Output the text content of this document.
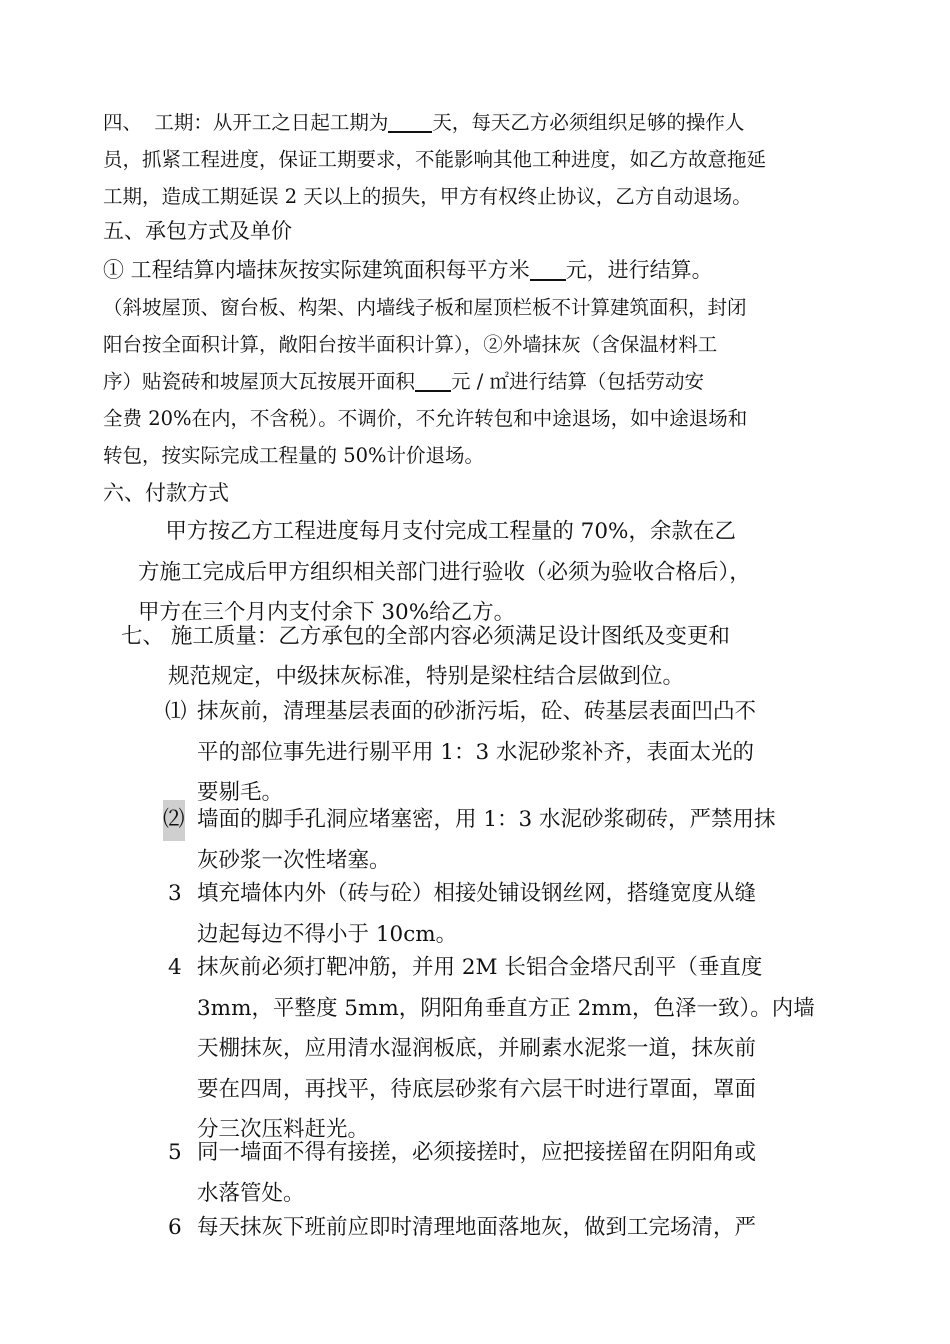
四、  工期：从开工之日起工期为 天，每天乙方必须组织足够的操作人
员，抓紧工程进度，保证工期要求，不能影响其他工种进度，如乙方故意拖延
工期，造成工期延误 2 天以上的损失，甲方有权终止协议，乙方自动退场。
五、承包方式及单价
① 工程结算内墙抹灰按实际建筑面积每平方米 元，进行结算。
（斜坡屋顶、窗台板、构架、内墙线子板和屋顶栏板不计算建筑面积，封闭
阳台按全面积计算，敞阳台按半面积计算），②外墙抹灰（含保温材料工
序）贴瓷砖和坡屋顶大瓦按展开面积 元 / ㎡进行结算（包括劳动安
全费 20%在内，不含税）。不调价，不允许转包和中途退场，如中途退场和
转包，按实际完成工程量的 50%计价退场。
六、付款方式
甲方按乙方工程进度每月支付完成工程量的 70%，余款在乙
方施工完成后甲方组织相关部门进行验收（必须为验收合格后），
甲方在三个月内支付余下 30%给乙方。
七、 施工质量：乙方承包的全部内容必须满足设计图纸及变更和
规范规定，中级抹灰标准，特别是梁柱结合层做到位。
⑴ 抹灰前，清理基层表面的砂浙污垢，砼、砖基层表面凹凸不
平的部位事先进行剔平用 1：3 水泥砂浆补齐，表面太光的
要剔毛。
⑵ 墙面的脚手孔洞应堵塞密，用 1：3 水泥砂浆砌砖，严禁用抹
灰砂浆一次性堵塞。
3 填充墙体内外（砖与砼）相接处铺设钢丝网，搭缝宽度从缝
边起每边不得小于 10cm。
4 抹灰前必须打靶冲筋，并用 2M 长铝合金塔尺刮平（垂直度
3mm，平整度 5mm，阴阳角垂直方正 2mm，色泽一致）。内墙
天棚抹灰，应用清水湿润板底，并刷素水泥浆一道，抹灰前
要在四周，再找平，待底层砂浆有六层干时进行罩面，罩面
分三次压料赶光。
5 同一墙面不得有接搓，必须接搓时，应把接搓留在阴阳角或
水落管处。
6 每天抹灰下班前应即时清理地面落地灰，做到工完场清，严
